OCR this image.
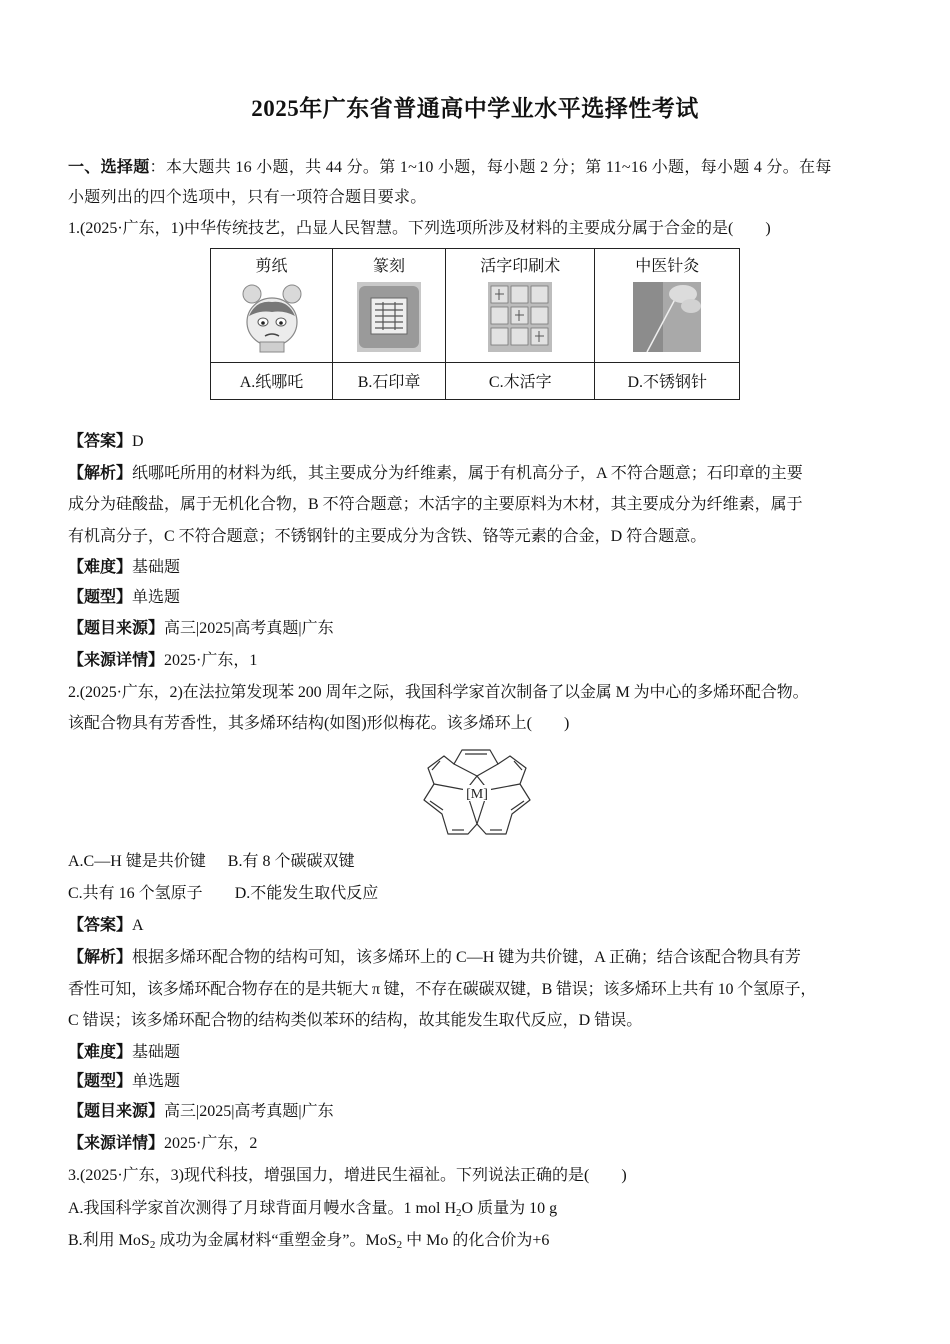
2025年广东省普通高中学业水平选择性考试
一、选择题：本大题共 16 小题，共 44 分。第 1~10 小题，每小题 2 分；第 11~16 小题，每小题 4 分。在每
小题列出的四个选项中，只有一项符合题目要求。
1.(2025·广东，1)中华传统技艺，凸显人民智慧。下列选项所涉及材料的主要成分属于合金的是(　　)
剪纸	篆刻	活字印刷术	中医针灸

A.纸哪吒	B.石印章	C.木活字	D.不锈钢针
【答案】D
【解析】纸哪吒所用的材料为纸，其主要成分为纤维素，属于有机高分子，A 不符合题意；石印章的主要
成分为硅酸盐，属于无机化合物，B 不符合题意；木活字的主要原料为木材，其主要成分为纤维素，属于
有机高分子，C 不符合题意；不锈钢针的主要成分为含铁、铬等元素的合金，D 符合题意。
【难度】基础题
【题型】单选题
【题目来源】高三|2025|高考真题|广东
【来源详情】2025·广东，1
2.(2025·广东，2)在法拉第发现苯 200 周年之际，我国科学家首次制备了以金属 M 为中心的多烯环配合物。
该配合物具有芳香性，其多烯环结构(如图)形似梅花。该多烯环上(　　)
[M]
A.C—H 键是共价键 B.有 8 个碳碳双键
C.共有 16 个氢原子 D.不能发生取代反应
【答案】A
【解析】根据多烯环配合物的结构可知，该多烯环上的 C—H 键为共价键，A 正确；结合该配合物具有芳
香性可知，该多烯环配合物存在的是共轭大 π 键，不存在碳碳双键，B 错误；该多烯环上共有 10 个氢原子，
C 错误；该多烯环配合物的结构类似苯环的结构，故其能发生取代反应，D 错误。
【难度】基础题
【题型】单选题
【题目来源】高三|2025|高考真题|广东
【来源详情】2025·广东，2
3.(2025·广东，3)现代科技，增强国力，增进民生福祉。下列说法正确的是(　　)
A.我国科学家首次测得了月球背面月幔水含量。1 mol $H_2O$ 质量为 10 g
B.利用 MoS$_2$ 成功为金属材料“重塑金身”。MoS$_2$ 中 Mo 的化合价为+6
